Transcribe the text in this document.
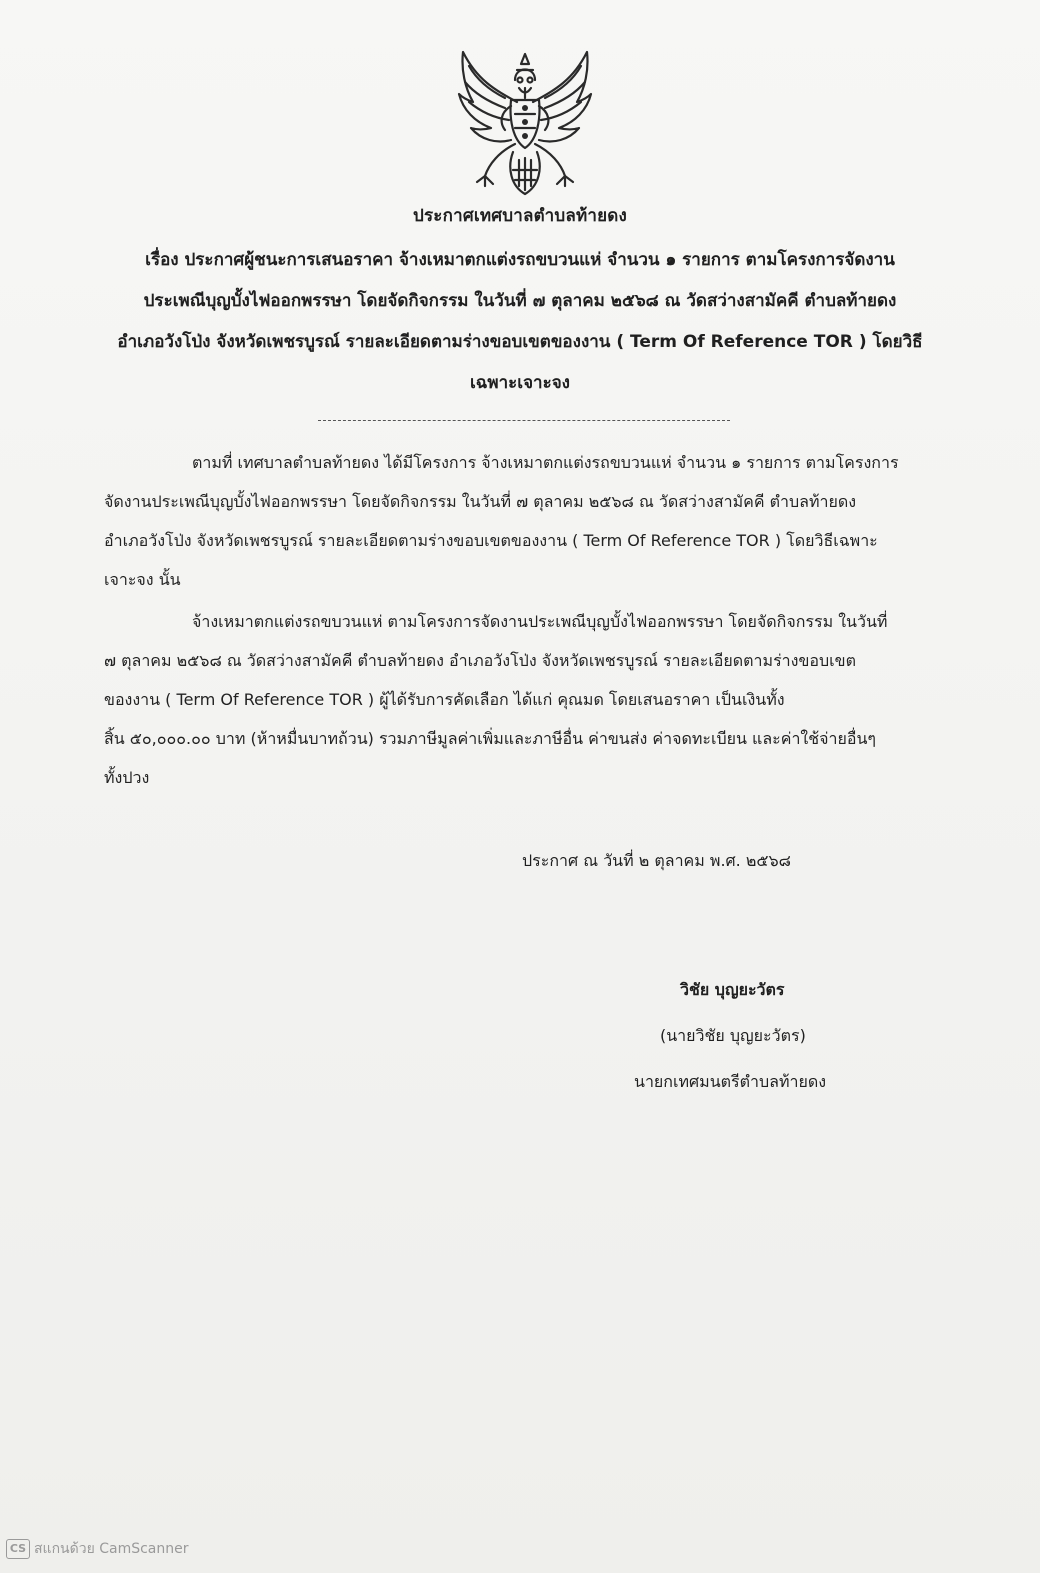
ประกาศเทศบาลตำบลท้ายดง
เรื่อง ประกาศผู้ชนะการเสนอราคา จ้างเหมาตกแต่งรถขบวนแห่ จำนวน ๑ รายการ ตามโครงการจัดงาน
ประเพณีบุญบั้งไฟออกพรรษา โดยจัดกิจกรรม ในวันที่ ๗ ตุลาคม ๒๕๖๘ ณ วัดสว่างสามัคคี ตำบลท้ายดง
อำเภอวังโป่ง จังหวัดเพชรบูรณ์ รายละเอียดตามร่างขอบเขตของงาน ( Term Of Reference TOR ) โดยวิธี
เฉพาะเจาะจง
ตามที่ เทศบาลตำบลท้ายดง ได้มีโครงการ จ้างเหมาตกแต่งรถขบวนแห่ จำนวน ๑ รายการ ตามโครงการ
จัดงานประเพณีบุญบั้งไฟออกพรรษา โดยจัดกิจกรรม ในวันที่ ๗ ตุลาคม ๒๕๖๘ ณ วัดสว่างสามัคคี ตำบลท้ายดง
อำเภอวังโป่ง จังหวัดเพชรบูรณ์ รายละเอียดตามร่างขอบเขตของงาน ( Term Of Reference TOR ) โดยวิธีเฉพาะ
เจาะจง นั้น
จ้างเหมาตกแต่งรถขบวนแห่ ตามโครงการจัดงานประเพณีบุญบั้งไฟออกพรรษา โดยจัดกิจกรรม ในวันที่
๗ ตุลาคม ๒๕๖๘ ณ วัดสว่างสามัคคี ตำบลท้ายดง อำเภอวังโป่ง จังหวัดเพชรบูรณ์ รายละเอียดตามร่างขอบเขต
ของงาน ( Term Of Reference TOR ) ผู้ได้รับการคัดเลือก ได้แก่ คุณมด โดยเสนอราคา เป็นเงินทั้ง
สิ้น ๕๐,๐๐๐.๐๐ บาท (ห้าหมื่นบาทถ้วน) รวมภาษีมูลค่าเพิ่มและภาษีอื่น ค่าขนส่ง ค่าจดทะเบียน และค่าใช้จ่ายอื่นๆ
ทั้งปวง
ประกาศ ณ วันที่ ๒ ตุลาคม พ.ศ. ๒๕๖๘
วิชัย บุญยะวัตร
(นายวิชัย บุญยะวัตร)
นายกเทศมนตรีตำบลท้ายดง
CS สแกนด้วย CamScanner
